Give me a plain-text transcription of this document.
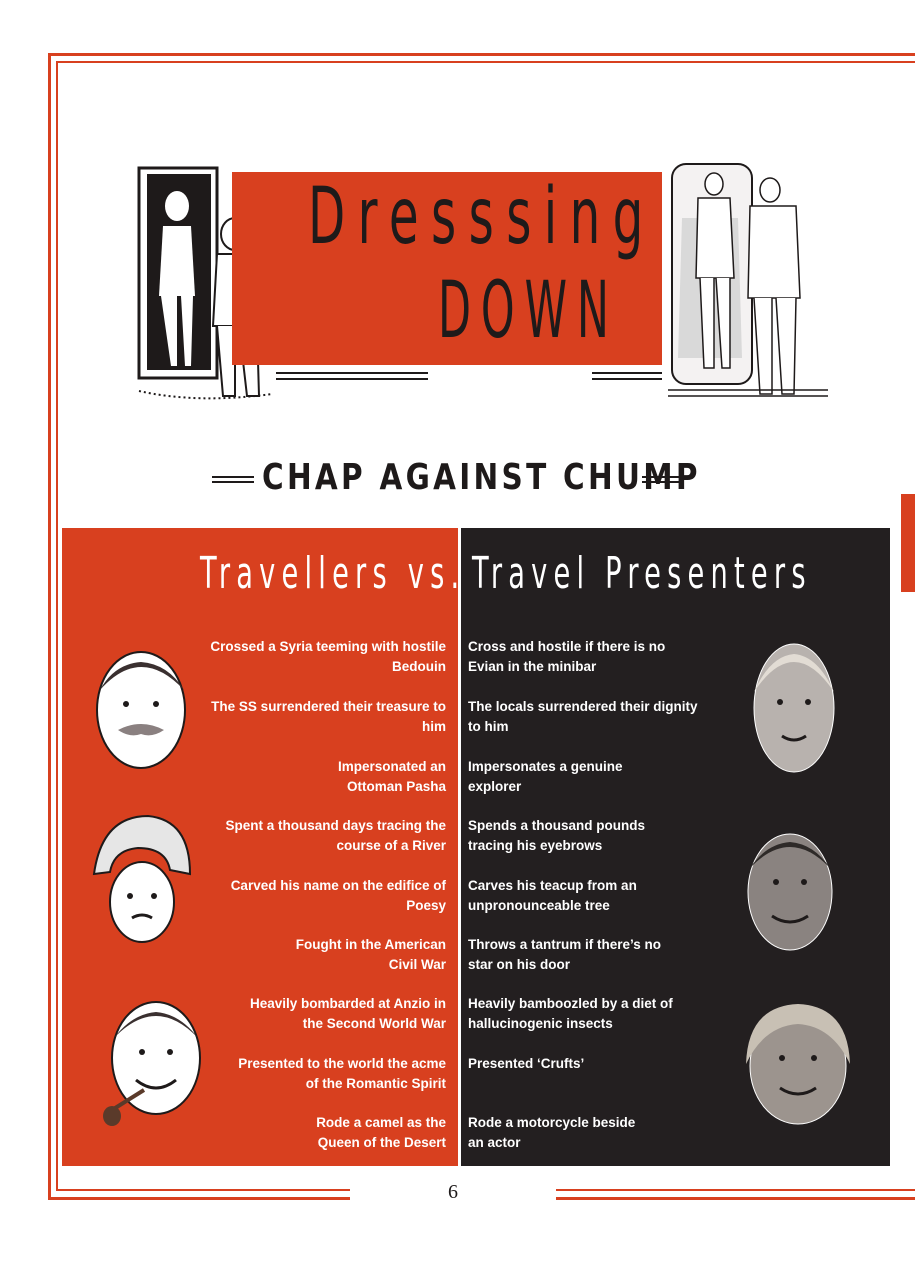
Dresssing
DOWN
CHAP AGAINST CHUMP
Travellers vs. Travel Presenters
Crossed a Syria teeming with hostile Bedouin
The SS surrendered their treasure to him
Impersonated an Ottoman Pasha
Spent a thousand days tracing the course of a River
Carved his name on the edifice of Poesy
Fought in the American Civil War
Heavily bombarded at Anzio in the Second World War
Presented to the world the acme of the Romantic Spirit
Rode a camel as the Queen of the Desert
Cross and hostile if there is no Evian in the minibar
The locals surrendered their dignity to him
Impersonates a genuine explorer
Spends a thousand pounds tracing his eyebrows
Carves his teacup from an unpronounceable tree
Throws a tantrum if there’s no star on his door
Heavily bamboozled by a diet of hallucinogenic insects
Presented ‘Crufts’
Rode a motorcycle beside an actor
6
